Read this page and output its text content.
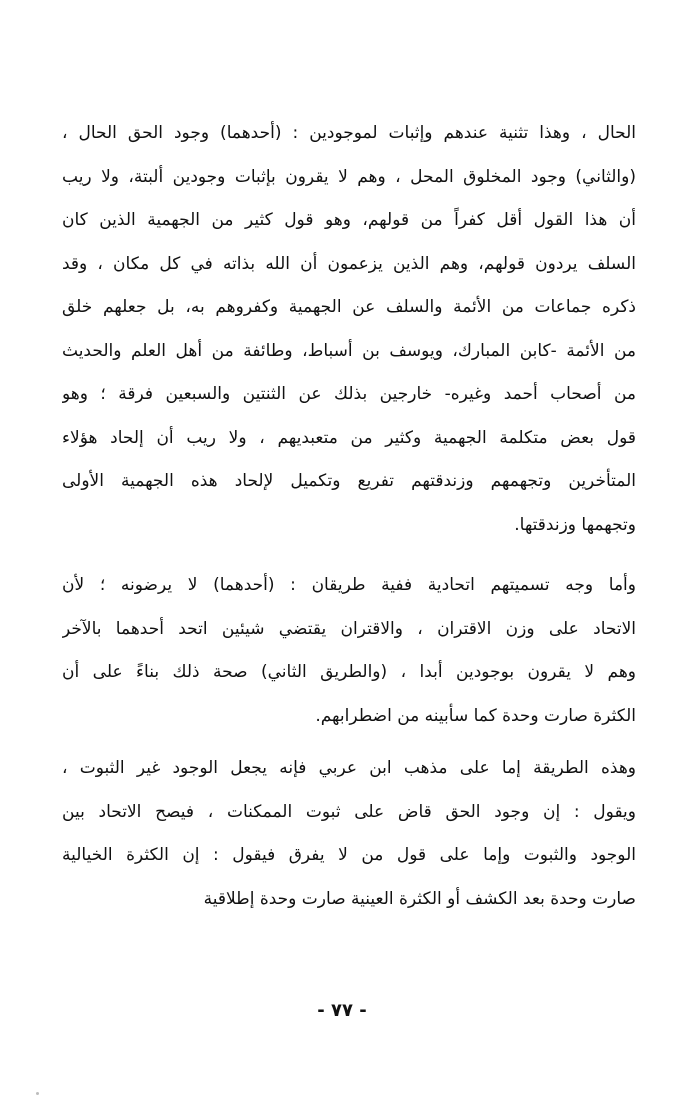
الحال ، وهذا تثنية عندهم وإثبات لموجودين : (أحدهما) وجود الحق الحال ،
(والثاني) وجود المخلوق المحل ، وهم لا يقرون بإثبات وجودين ألبتة، ولا ريب
أن هذا القول أقل كفراً من قولهم، وهو قول كثير من الجهمية الذين كان
السلف يردون قولهم، وهم الذين يزعمون أن الله بذاته في كل مكان ، وقد
ذكره جماعات من الأئمة والسلف عن الجهمية وكفروهم به، بل جعلهم خلق
من الأئمة -كابن المبارك، ويوسف بن أسباط، وطائفة من أهل العلم والحديث
من أصحاب أحمد وغيره- خارجين بذلك عن الثنتين والسبعين فرقة ؛ وهو
قول بعض متكلمة الجهمية وكثير من متعبديهم ، ولا ريب أن إلحاد هؤلاء
المتأخرين وتجهمهم وزندقتهم تفريع وتكميل لإلحاد هذه الجهمية الأولى
وتجهمها وزندقتها.
وأما وجه تسميتهم اتحادية ففية طريقان : (أحدهما) لا يرضونه ؛ لأن
الاتحاد على وزن الاقتران ، والاقتران يقتضي شيئين اتحد أحدهما بالآخر
وهم لا يقرون بوجودين أبدا ، (والطريق الثاني) صحة ذلك بناءً على أن
الكثرة صارت وحدة كما سأبينه من اضطرابهم.
وهذه الطريقة إما على مذهب ابن عربي فإنه يجعل الوجود غير الثبوت ،
ويقول : إن وجود الحق قاض على ثبوت الممكنات ، فيصح الاتحاد بين
الوجود والثبوت وإما على قول من لا يفرق فيقول : إن الكثرة الخيالية
صارت وحدة بعد الكشف أو الكثرة العينية صارت وحدة إطلاقية
- ٧٧ -
